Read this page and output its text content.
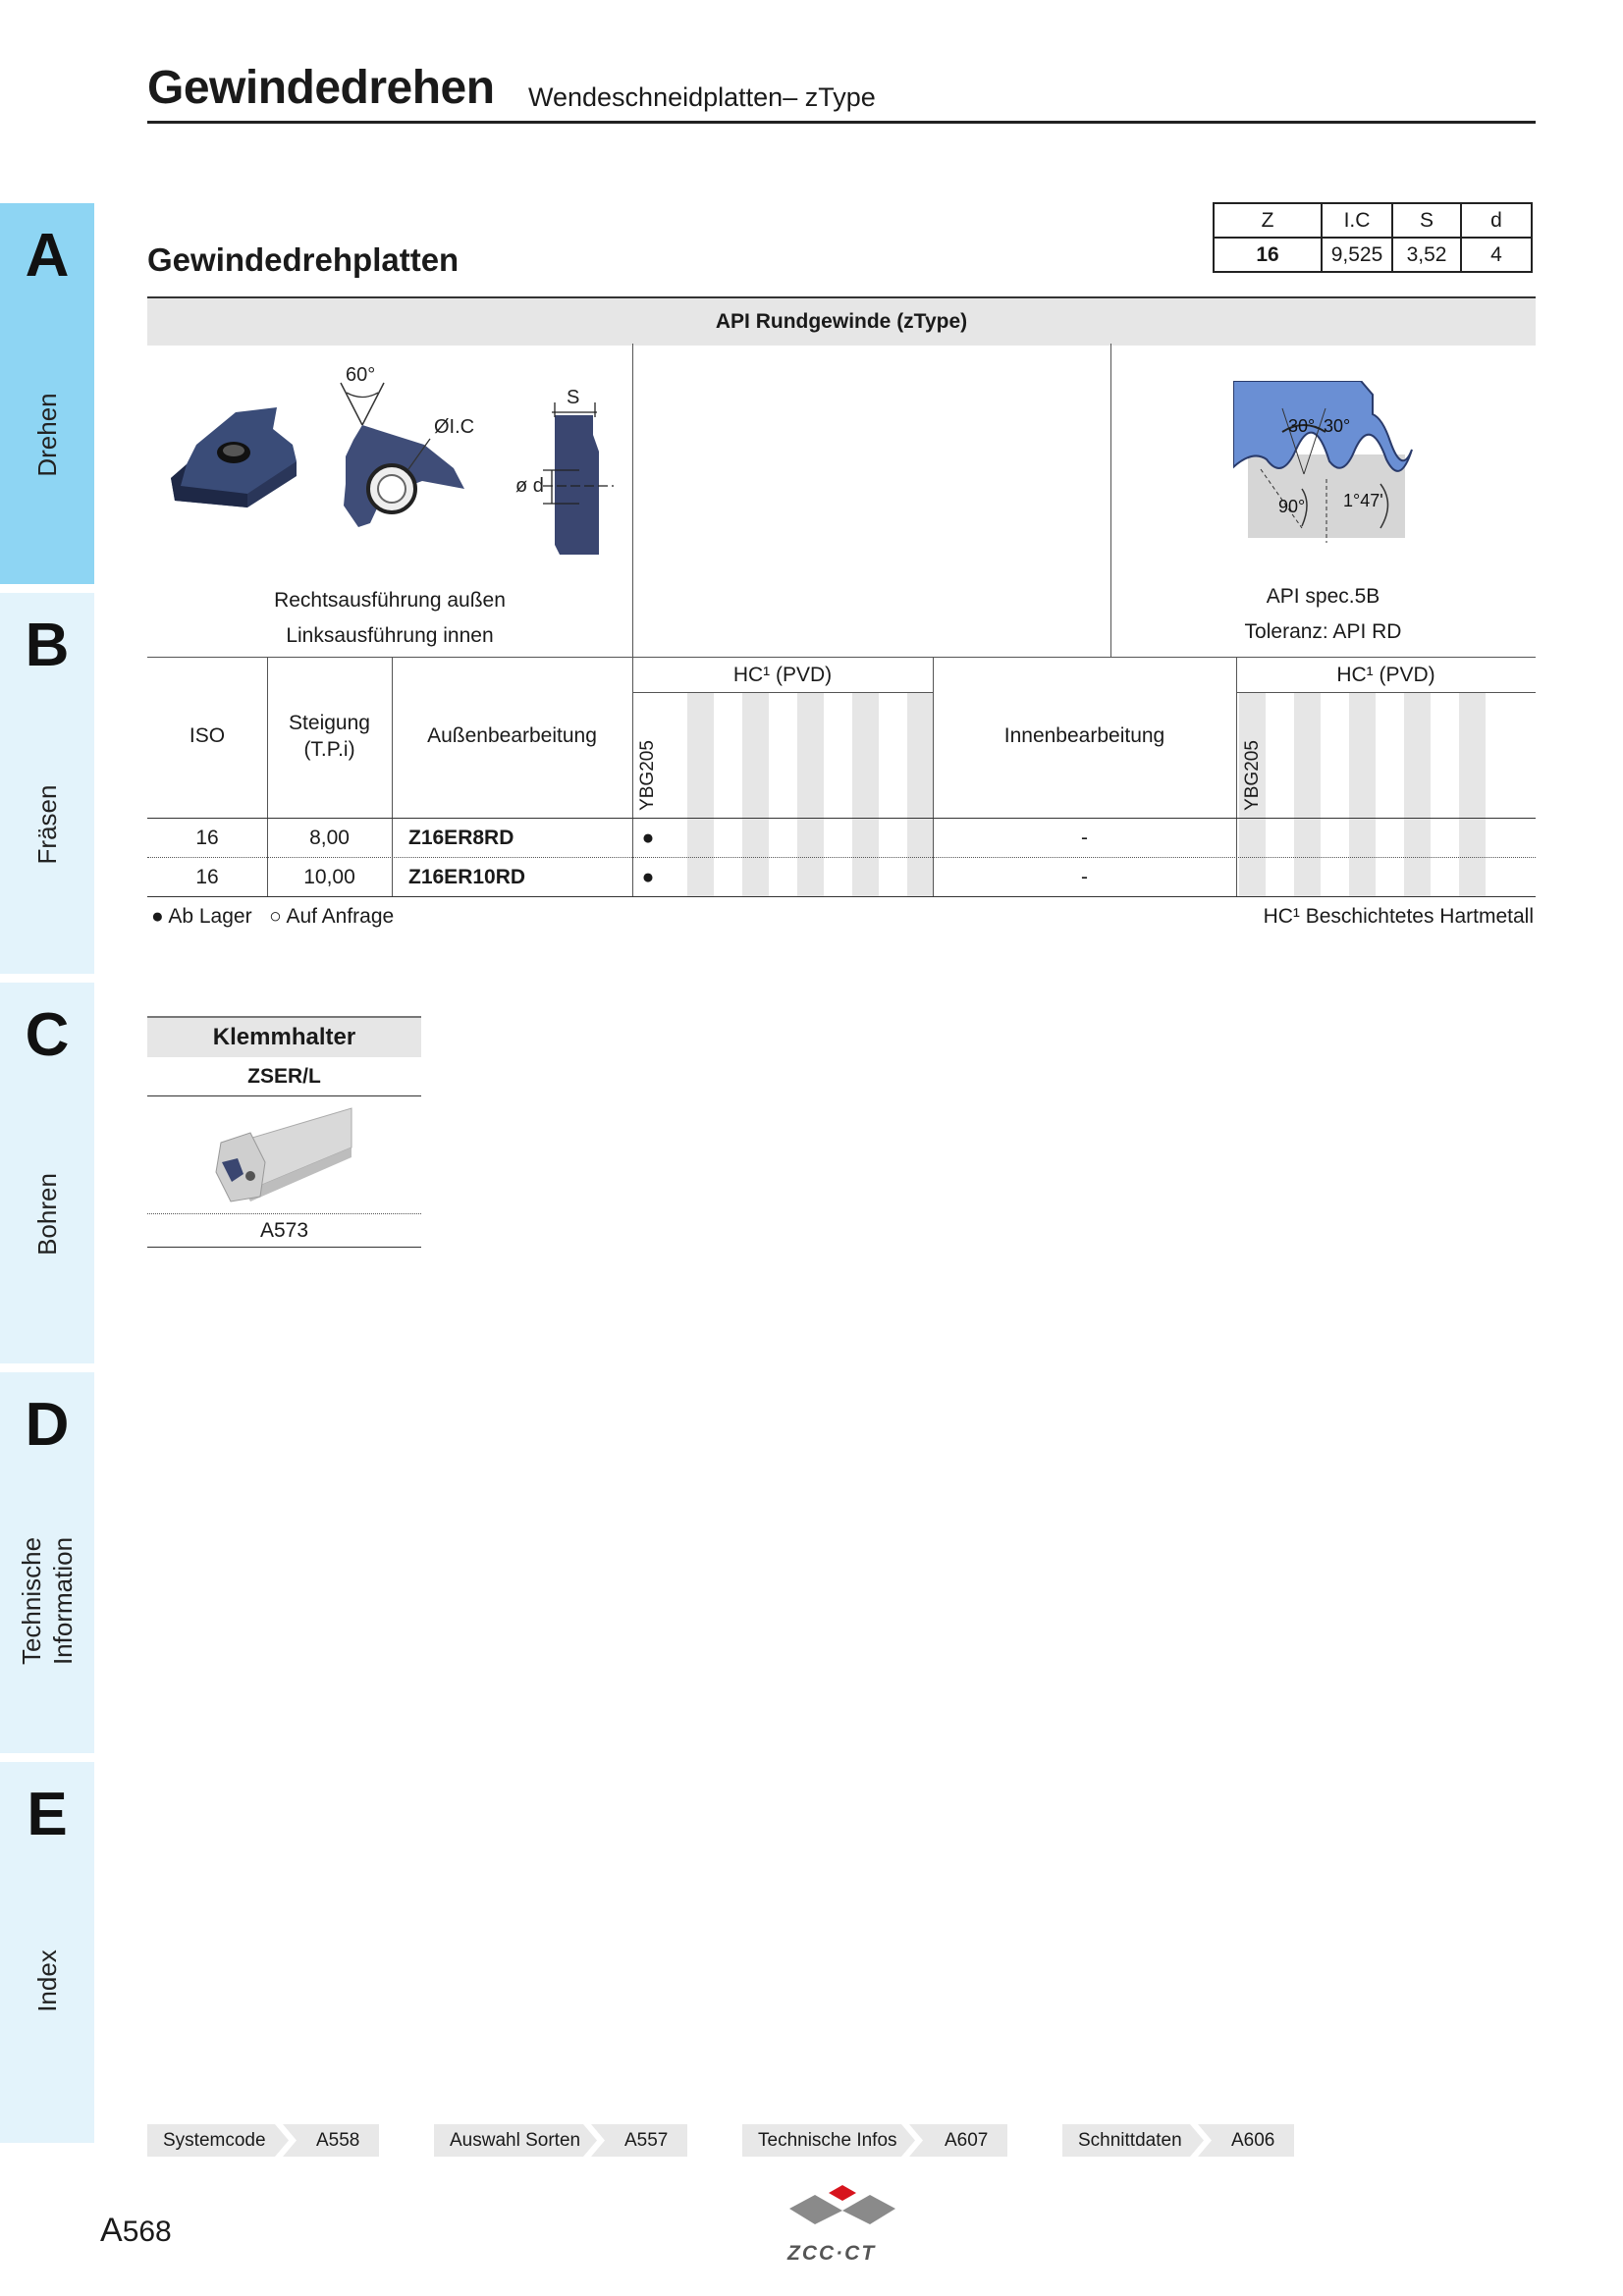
Gewindedrehen Wendeschneidplatten– zType
A
Drehen
B
Fräsen
C
Bohren
D
Technische
Information
E
Index
Z	I.C	S	d
16	9,525	3,52	4
Gewindedrehplatten
API Rundgewinde (zType)
60°
ØI.C
S
ø d
Rechtsausführung außen
Linksausführung innen
30° 30°
90° 1°47'
API spec.5B
Toleranz: API RD
ISO
Steigung
(T.P.i)
Außenbearbeitung
HC¹ (PVD)
YBG205
Innenbearbeitung
HC¹ (PVD)
YBG205
16	8,00	Z16ER8RD	●	-
16	10,00	Z16ER10RD	●	-
● Ab Lager   ○ Auf Anfrage	HC¹ Beschichtetes Hartmetall
Klemmhalter
ZSER/L
A573
Systemcode	A558	Auswahl Sorten A557	Technische Infos	A607	Schnittdaten	A606
A568
ZCC·CT
